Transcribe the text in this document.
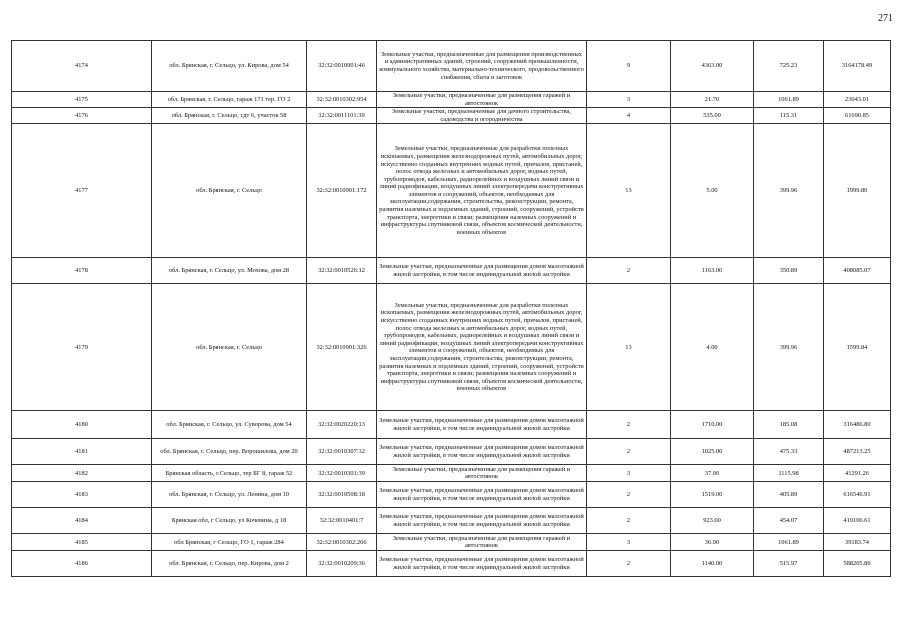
271
4174	обл. Брянская, г. Сельцо, ул. Кирова, дом 54	32:32:0010901:46	Земельные участки, предназначенные для размещения производственных и административных зданий, строений, сооружений промышленности, коммунального хозяйства, материально-технического, продовольственного снабжения, сбыта и заготовок	9	4363.00	725.23	3164178.49
4175	обл. Брянская, г. Сельцо, гараж 171 тер. ГО 2	32:32:0010302:954	Земельные участки, предназначенные для размещения гаражей и автостоянок	3	21.70	1061.89	23043.01
4176	обл. Брянская, г. Сельцо, сдт 6, участок 58	32:32:0011101:39	Земельные участки, предназначенные для дачного строительства, садоводства и огородничества	4	535.00	115.31	61690.85
4177	обл. Брянская, г. Сельцо	32:32:0010901:172	Земельные участки, предназначенные для разработки полезных ископаемых, размещения железнодорожных путей, автомобильных дорог, искусственно созданных внутренних водных путей, причалов, пристаней, полос отвода железных и автомобильных дорог, водных путей, трубопроводов, кабельных, радиорелейных и воздушных линий связи и линий радиофикации, воздушных линий электропередачи конструктивных элементов и сооружений, объектов, необходимых для эксплуатации,содержания, строительства, реконструкции, ремонта, развития наземных и подземных зданий, строений, сооружений, устройств транспорта, энергетики и связи; размещения наземных сооружений и инфраструктуры спутниковой связи, объектов космической деятельности, военных объектов	13	5.00	399.96	1999.80
4178	обл. Брянская, г. Сельцо, ул. Мохова, дом 28	32:32:0010526:12	Земельные участки, предназначенные для размещения домов малоэтажной жилой застройки, в том числе индивидуальной жилой застройки	2	1163.00	350.89	408085.07
4179	обл. Брянская, г. Сельцо	32:32:0010901:326	Земельные участки, предназначенные для разработки полезных ископаемых, размещения железнодорожных путей, автомобильных дорог, искусственно созданных внутренних водных путей, причалов, пристаней, полос отвода железных и автомобильных дорог, водных путей, трубопроводов, кабельных, радиорелейных и воздушных линий связи и линий радиофикации, воздушных линий электропередачи конструктивных элементов и сооружений, объектов, необходимых для эксплуатации,содержания, строительства, реконструкции, ремонта, развития наземных и подземных зданий, строений, сооружений, устройств транспорта, энергетики и связи; размещения наземных сооружений и инфраструктуры спутниковой связи, объектов космической деятельности, военных объектов	13	4.00	399.96	1599.84
4180	обл. Брянская, г. Сельцо, ул. Суворова, дом 54	32:32:0020220:13	Земельные участки, предназначенные для размещения домов малоэтажной жилой застройки, в том числе индивидуальной жилой застройки	2	1710.00	185.08	316486.80
4181	обл. Брянская, г. Сельцо, пер. Ворошилова, дом 20	32:32:0010307:32	Земельные участки, предназначенные для размещения домов малоэтажной жилой застройки, в том числе индивидуальной жилой застройки	2	1025.00	475.33	487213.25
4182	Брянская область, г.Сельцо, тер БГ 8, гараж 52	32:32:0010301:39	Земельные участки, предназначенные для размещения гаражей и автостоянок	3	37.00	1115.98	41291.26
4183	обл. Брянская, г. Сельцо, ул. Ленина, дом 10	32:32:0010508:18	Земельные участки, предназначенные для размещения домов малоэтажной жилой застройки, в том числе индивидуальной жилой застройки	2	1519.00	405.89	616546.91
4184	Брянская обл, г Сельцо, ул Кочевина, д 18	32:32:0010401:7	Земельные участки, предназначенные для размещения домов малоэтажной жилой застройки, в том числе индивидуальной жилой застройки	2	923.00	454.07	419106.61
4185	обл Брянская, г Сельцо, ГО 1, гараж 284	32:32:0010302:266	Земельные участки, предназначенные для размещения гаражей и автостоянок	3	36.90	1061.89	39183.74
4186	обл. Брянская, г. Сельцо, пер. Кирова, дом 2	32:32:0010209:36	Земельные участки, предназначенные для размещения домов малоэтажной жилой застройки, в том числе индивидуальной жилой застройки	2	1140.00	515.97	588205.80
